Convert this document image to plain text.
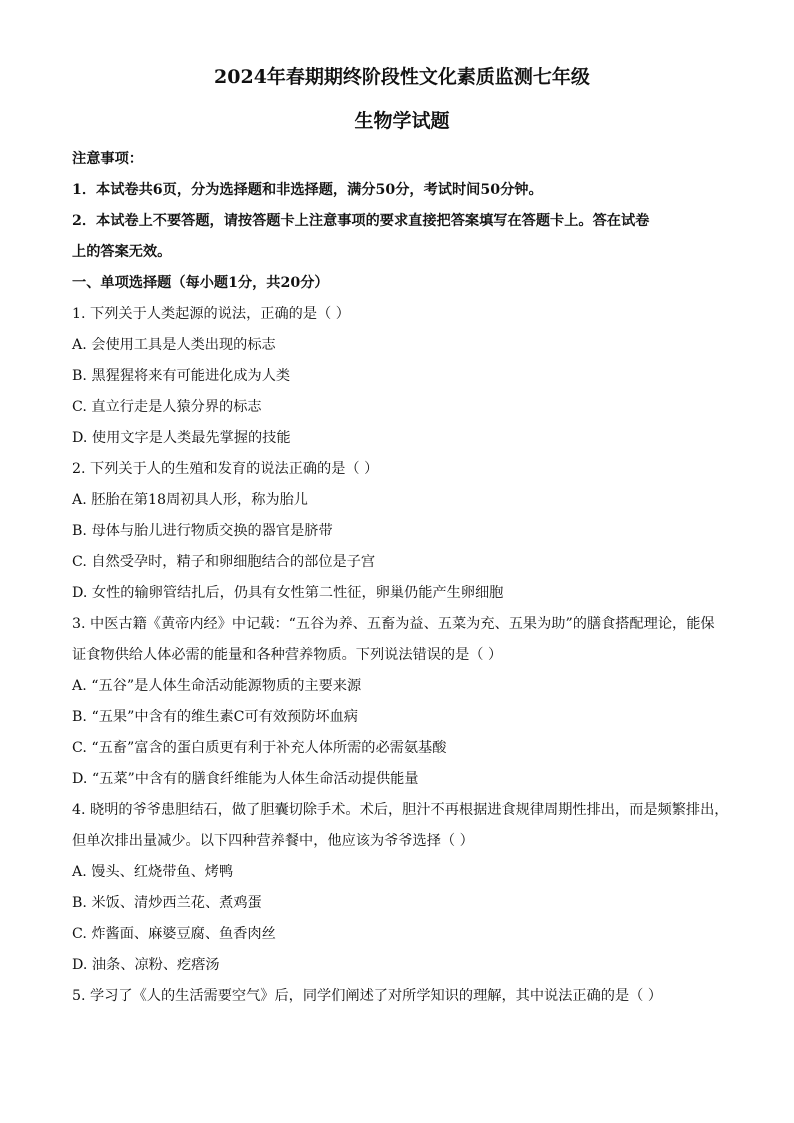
2024年春期期终阶段性文化素质监测七年级

生物学试题

注意事项：

1．本试卷共6页，分为选择题和非选择题，满分50分，考试时间50分钟。

2．本试卷上不要答题，请按答题卡上注意事项的要求直接把答案填写在答题卡上。答在试卷

上的答案无效。

一、单项选择题（每小题1分，共20分）

1. 下列关于人类起源的说法，正确的是（ ）

A. 会使用工具是人类出现的标志

B. 黑猩猩将来有可能进化成为人类

C. 直立行走是人猿分界的标志

D. 使用文字是人类最先掌握的技能

2. 下列关于人的生殖和发育的说法正确的是（ ）

A. 胚胎在第18周初具人形，称为胎儿

B. 母体与胎儿进行物质交换的器官是脐带

C. 自然受孕时，精子和卵细胞结合的部位是子宫

D. 女性的输卵管结扎后，仍具有女性第二性征，卵巢仍能产生卵细胞

3. 中医古籍《黄帝内经》中记载：“五谷为养、五畜为益、五菜为充、五果为助”的膳食搭配理论，能保

证食物供给人体必需的能量和各种营养物质。下列说法错误的是（ ）

A. “五谷”是人体生命活动能源物质的主要来源

B. “五果”中含有的维生素C可有效预防坏血病

C. “五畜”富含的蛋白质更有利于补充人体所需的必需氨基酸

D. “五菜”中含有的膳食纤维能为人体生命活动提供能量

4. 晓明的爷爷患胆结石，做了胆囊切除手术。术后，胆汁不再根据进食规律周期性排出，而是频繁排出，

但单次排出量减少。以下四种营养餐中，他应该为爷爷选择（ ）

A. 馒头、红烧带鱼、烤鸭

B. 米饭、清炒西兰花、煮鸡蛋

C. 炸酱面、麻婆豆腐、鱼香肉丝

D. 油条、凉粉、疙瘩汤

5. 学习了《人的生活需要空气》后，同学们阐述了对所学知识的理解，其中说法正确的是（ ）
